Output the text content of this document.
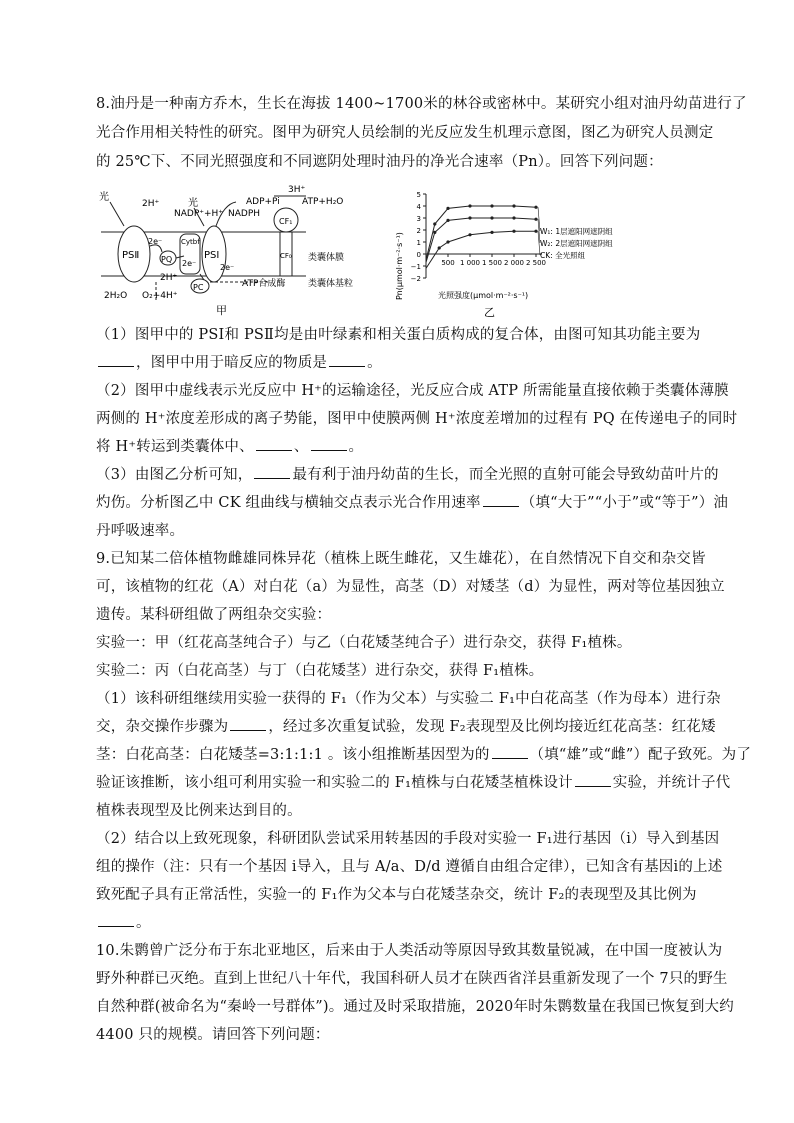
8.油丹是一种南方乔木，生长在海拔 1400~1700米的林谷或密林中。某研究小组对油丹幼苗进行了
光合作用相关特性的研究。图甲为研究人员绘制的光反应发生机理示意图，图乙为研究人员测定
的 25℃下、不同光照强度和不同遮阴处理时油丹的净光合速率（Pn）。回答下列问题：
光
光
2H⁺
2H⁺
PSⅡ	PQ
Cytbf
PSⅠ
PC
2e⁻
2e⁻	2e⁻
NADP⁺+H⁺ NADPH
ADP+Pi ATP+H₂O
3H⁺
CF₁
CF₀ 类囊体膜
类囊体基粒
ATP合成酶
2H₂O O₂+4H⁺
甲
5
4
3
2
1
0
−1
−2
500 1 000 1 500 2 000 2 500
Pn(μmol·m⁻²·s⁻¹)	光照强度(μmol·m⁻²·s⁻¹)
乙
W₁: 1层遮阳网遮阴组
W₂: 2层遮阳网遮阴组
CK: 全光照组
（1）图甲中的 PSⅠ和 PSⅡ均是由叶绿素和相关蛋白质构成的复合体，由图可知其功能主要为
，图甲中用于暗反应的物质是	。
（2）图甲中虚线表示光反应中 H⁺的运输途径，光反应合成 ATP 所需能量直接依赖于类囊体薄膜
两侧的 H⁺浓度差形成的离子势能，图甲中使膜两侧 H⁺浓度差增加的过程有 PQ 在传递电子的同时
将 H⁺转运到类囊体中、	、	。
（3）由图乙分析可知，	最有利于油丹幼苗的生长，而全光照的直射可能会导致幼苗叶片的
灼伤。分析图乙中 CK 组曲线与横轴交点表示光合作用速率	（填“大于”“小于”或“等于”）油
丹呼吸速率。
9.已知某二倍体植物雌雄同株异花（植株上既生雌花，又生雄花），在自然情况下自交和杂交皆
可，该植物的红花（A）对白花（a）为显性，高茎（D）对矮茎（d）为显性，两对等位基因独立
遗传。某科研组做了两组杂交实验：
实验一：甲（红花高茎纯合子）与乙（白花矮茎纯合子）进行杂交，获得 F₁植株。
实验二：丙（白花高茎）与丁（白花矮茎）进行杂交，获得 F₁植株。
（1）该科研组继续用实验一获得的 F₁（作为父本）与实验二 F₁中白花高茎（作为母本）进行杂
交，杂交操作步骤为	，经过多次重复试验，发现 F₂表现型及比例均接近红花高茎：红花矮
茎：白花高茎：白花矮茎=3:1:1:1 。该小组推断基因型为的	（填“雄”或“雌”）配子致死。为了
验证该推断，该小组可利用实验一和实验二的 F₁植株与白花矮茎植株设计	实验，并统计子代
植株表现型及比例来达到目的。
（2）结合以上致死现象，科研团队尝试采用转基因的手段对实验一 F₁进行基因（i）导入到基因
组的操作（注：只有一个基因 i导入，且与 A/a、D/d 遵循自由组合定律），已知含有基因i的上述
致死配子具有正常活性，实验一的 F₁作为父本与白花矮茎杂交，统计 F₂的表现型及其比例为
。
10.朱鹮曾广泛分布于东北亚地区，后来由于人类活动等原因导致其数量锐减，在中国一度被认为
野外种群已灭绝。直到上世纪八十年代，我国科研人员才在陕西省洋县重新发现了一个 7只的野生
自然种群(被命名为“秦岭一号群体”)。通过及时采取措施，2020年时朱鹮数量在我国已恢复到大约
4400 只的规模。请回答下列问题：
